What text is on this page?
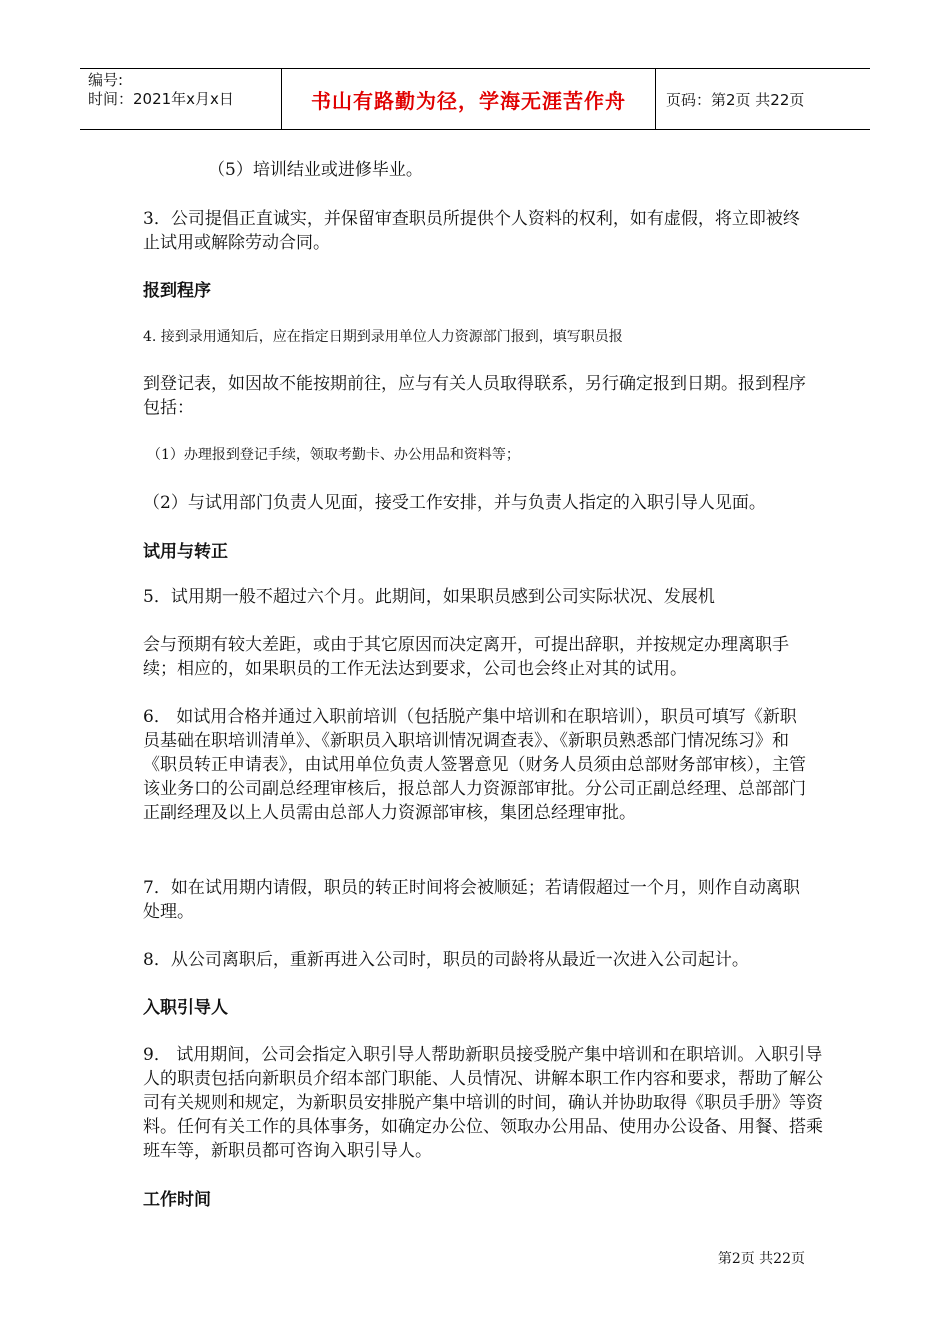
编号:
时间：2021年x月x日	书山有路勤为径，学海无涯苦作舟	页码：第2页 共22页

（5）培训结业或进修毕业。

3．公司提倡正直诚实，并保留审查职员所提供个人资料的权利，如有虚假，将立即被终止试用或解除劳动合同。

报到程序

4. 接到录用通知后，应在指定日期到录用单位人力资源部门报到，填写职员报

到登记表，如因故不能按期前往，应与有关人员取得联系，另行确定报到日期。报到程序包括：

（1）办理报到登记手续，领取考勤卡、办公用品和资料等；

（2）与试用部门负责人见面，接受工作安排，并与负责人指定的入职引导人见面。

试用与转正

5．试用期一般不超过六个月。此期间，如果职员感到公司实际状况、发展机

会与预期有较大差距，或由于其它原因而决定离开，可提出辞职，并按规定办理离职手续；相应的，如果职员的工作无法达到要求，公司也会终止对其的试用。

6． 如试用合格并通过入职前培训（包括脱产集中培训和在职培训），职员可填写《新职员基础在职培训清单》、《新职员入职培训情况调查表》、《新职员熟悉部门情况练习》和《职员转正申请表》，由试用单位负责人签署意见（财务人员须由总部财务部审核），主管该业务口的公司副总经理审核后，报总部人力资源部审批。分公司正副总经理、总部部门正副经理及以上人员需由总部人力资源部审核，集团总经理审批。

7．如在试用期内请假，职员的转正时间将会被顺延；若请假超过一个月，则作自动离职处理。

8．从公司离职后，重新再进入公司时，职员的司龄将从最近一次进入公司起计。

入职引导人

9． 试用期间，公司会指定入职引导人帮助新职员接受脱产集中培训和在职培训。入职引导人的职责包括向新职员介绍本部门职能、人员情况、讲解本职工作内容和要求，帮助了解公司有关规则和规定，为新职员安排脱产集中培训的时间，确认并协助取得《职员手册》等资料。任何有关工作的具体事务，如确定办公位、领取办公用品、使用办公设备、用餐、搭乘班车等，新职员都可咨询入职引导人。

工作时间
第2页 共22页
